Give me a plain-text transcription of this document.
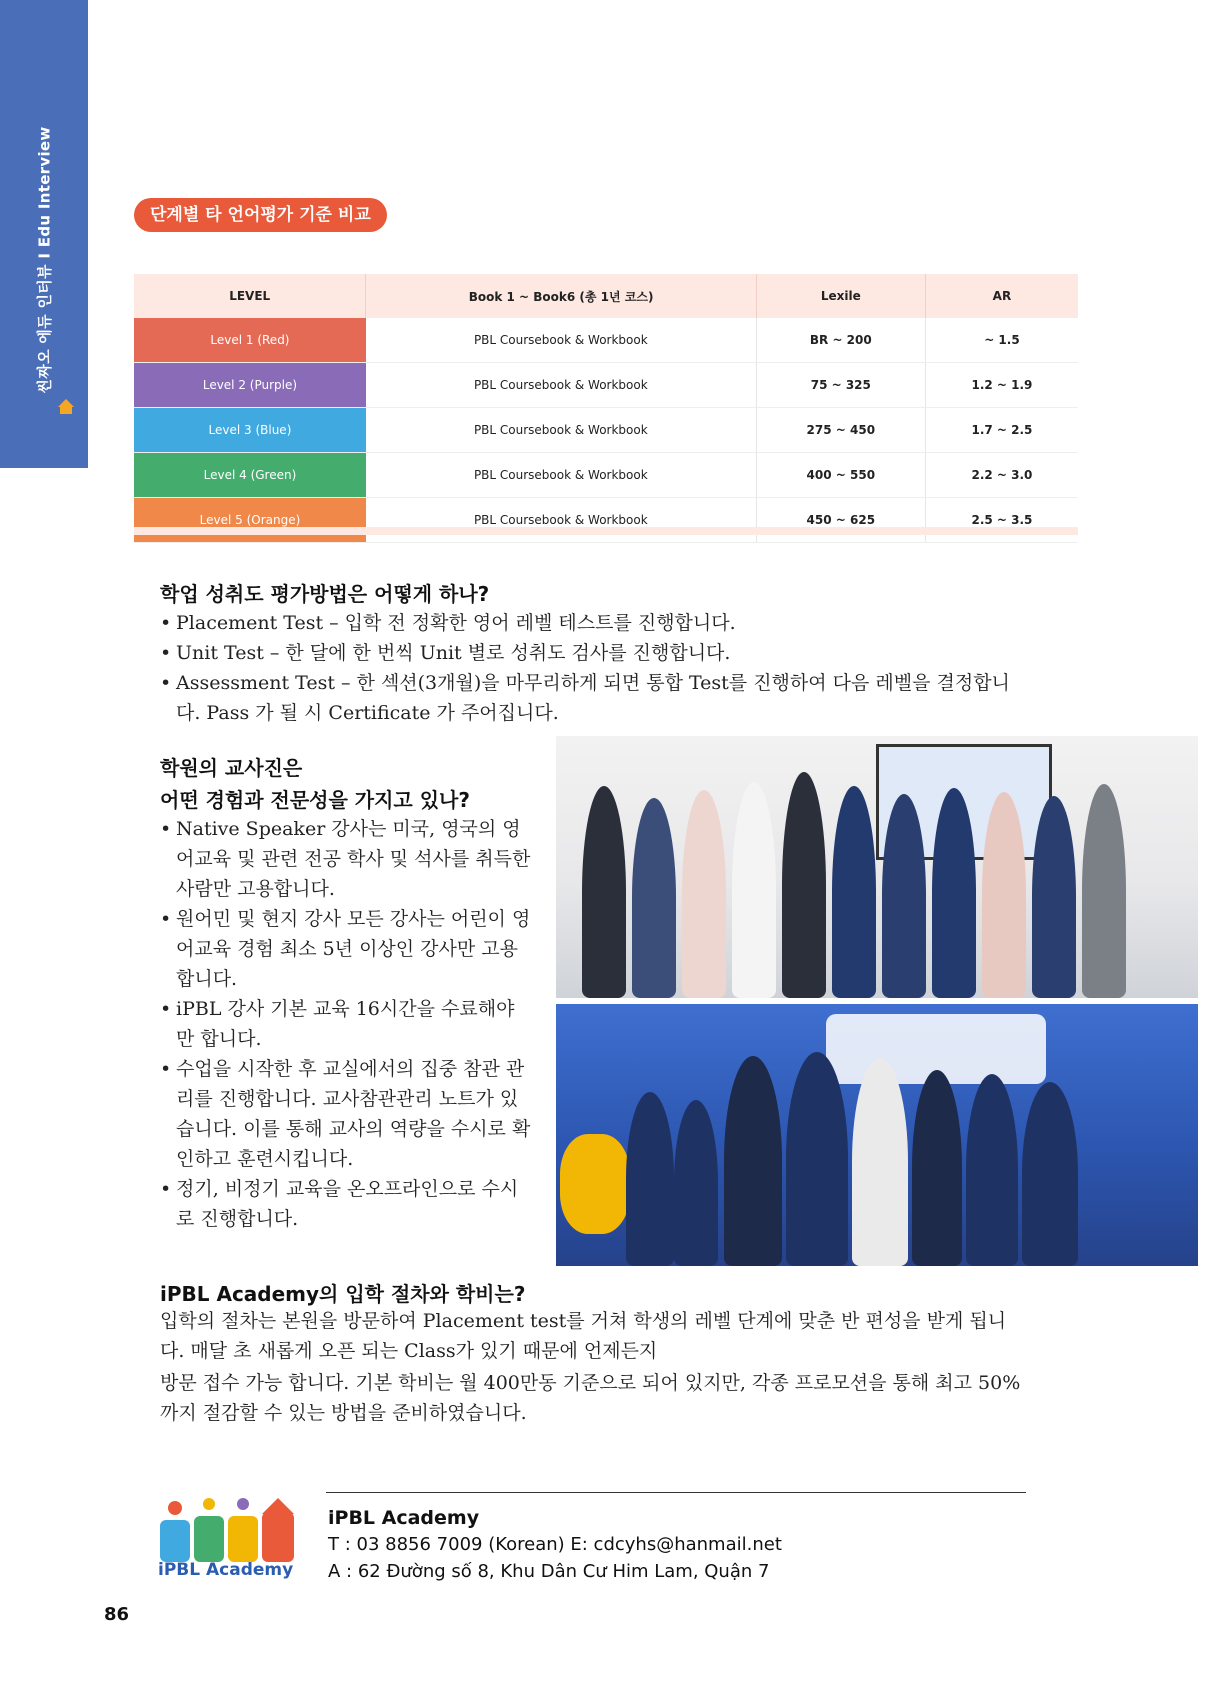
씬짜오 에듀 인터뷰 I Edu Interview	단계별 타 언어평가 기준 비교
LEVEL	Book 1 ~ Book6 (총 1년 코스)	Lexile	AR
Level 1 (Red)	PBL Coursebook & Workbook	BR ~ 200	~ 1.5
Level 2 (Purple)	PBL Coursebook & Workbook	75 ~ 325	1.2 ~ 1.9
Level 3 (Blue)	PBL Coursebook & Workbook	275 ~ 450	1.7 ~ 2.5
Level 4 (Green)	PBL Coursebook & Workbook	400 ~ 550	2.2 ~ 3.0
Level 5 (Orange)	PBL Coursebook & Workbook	450 ~ 625	2.5 ~ 3.5
학업 성취도 평가방법은 어떻게 하나?
• Placement Test – 입학 전 정확한 영어 레벨 테스트를 진행합니다.
• Unit Test – 한 달에 한 번씩 Unit 별로 성취도 검사를 진행합니다.
• Assessment Test – 한 섹션(3개월)을 마무리하게 되면 통합 Test를 진행하여 다음 레벨을 결정합니다. Pass 가 될 시 Certificate 가 주어집니다.
학원의 교사진은
어떤 경험과 전문성을 가지고 있나?
• Native Speaker 강사는 미국, 영국의 영어교육 및 관련 전공 학사 및 석사를 취득한 사람만 고용합니다.
• 원어민 및 현지 강사 모든 강사는 어린이 영어교육 경험 최소 5년 이상인 강사만 고용합니다.
• iPBL 강사 기본 교육 16시간을 수료해야만 합니다.
• 수업을 시작한 후 교실에서의 집중 참관 관리를 진행합니다. 교사참관관리 노트가 있습니다. 이를 통해 교사의 역량을 수시로 확인하고 훈련시킵니다.
• 정기, 비정기 교육을 온오프라인으로 수시로 진행합니다.
iPBL Academy의 입학 절차와 학비는?

입학의 절차는 본원을 방문하여 Placement test를 거쳐 학생의 레벨 단계에 맞춘 반 편성을 받게 됩니다. 매달 초 새롭게 오픈 되는 Class가 있기 때문에 언제든지

방문 접수 가능 합니다. 기본 학비는 월 400만동 기준으로 되어 있지만, 각종 프로모션을 통해 최고 50%까지 절감할 수 있는 방법을 준비하였습니다.

iPBL Academy
iPBL Academy
T : 03 8856 7009 (Korean) E: cdcyhs@hanmail.net
A : 62 Đường số 8, Khu Dân Cư Him Lam, Quận 7
86
